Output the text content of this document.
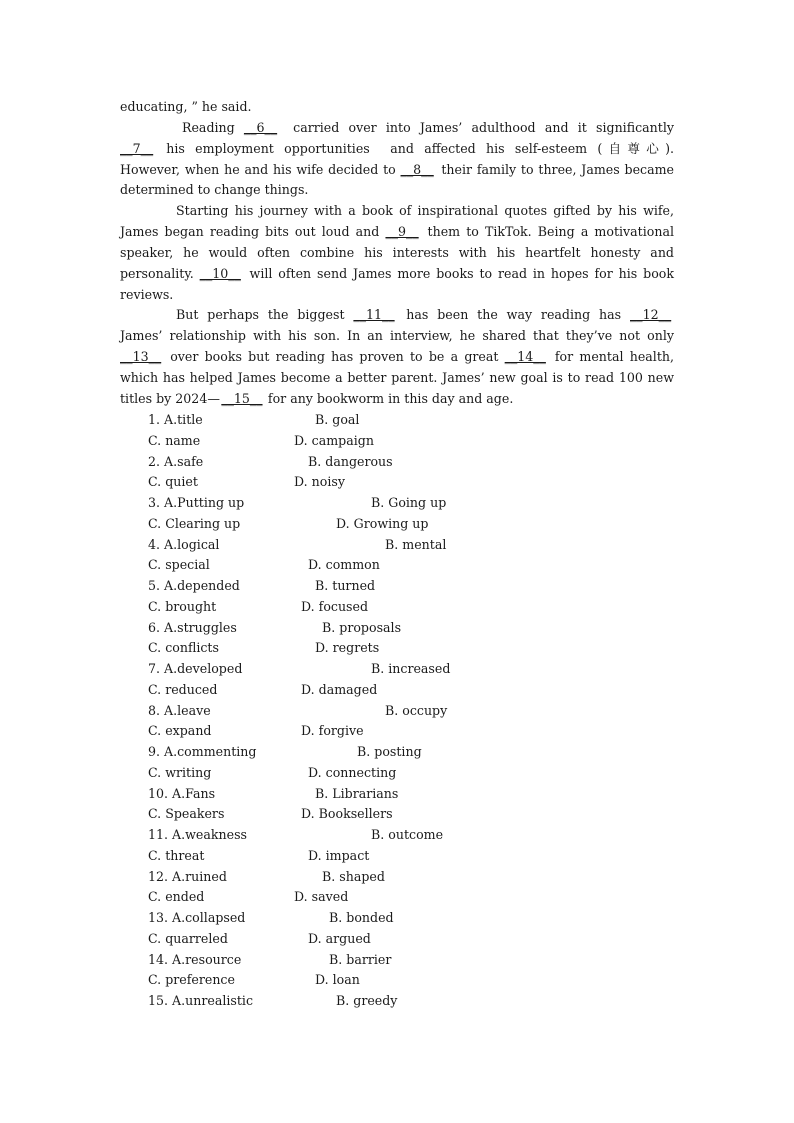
educating, ” he said.
Reading __6__ carried over into James’ adulthood and it significantly
__7__ his employment opportunities  and affected his self-esteem (自尊心).
However, when he and his wife decided to __8__ their family to three, James became
determined to change things.
Starting his journey with a book of inspirational quotes gifted by his wife,
James began reading bits out loud and __9__ them to TikTok. Being a motivational
speaker, he would often combine his interests with his heartfelt honesty and
personality. __10__ will often send James more books to read in hopes for his book
reviews.
But perhaps the biggest __11__ has been the way reading has __12__
James’ relationship with his son. In an interview, he shared that they’ve not only
__13__ over books but reading has proven to be a great __14__ for mental health,
which has helped James become a better parent. James’ new goal is to read 100 new
titles by 2024—__15__ for any bookworm in this day and age.
1. A.title	B. goal
C. name	D. campaign
2. A.safe	B. dangerous
C. quiet	D. noisy
3. A.Putting up	B. Going up
C. Clearing up	D. Growing up
4. A.logical	B. mental
C. special	D. common
5. A.depended	B. turned
C. brought	D. focused
6. A.struggles	B. proposals
C. conflicts	D. regrets
7. A.developed	B. increased
C. reduced	D. damaged
8. A.leave	B. occupy
C. expand	D. forgive
9. A.commenting	B. posting
C. writing	D. connecting
10. A.Fans	B. Librarians
C. Speakers	D. Booksellers
11. A.weakness	B. outcome
C. threat	D. impact
12. A.ruined	B. shaped
C. ended	D. saved
13. A.collapsed	B. bonded
C. quarreled	D. argued
14. A.resource	B. barrier
C. preference	D. loan
15. A.unrealistic	B. greedy
